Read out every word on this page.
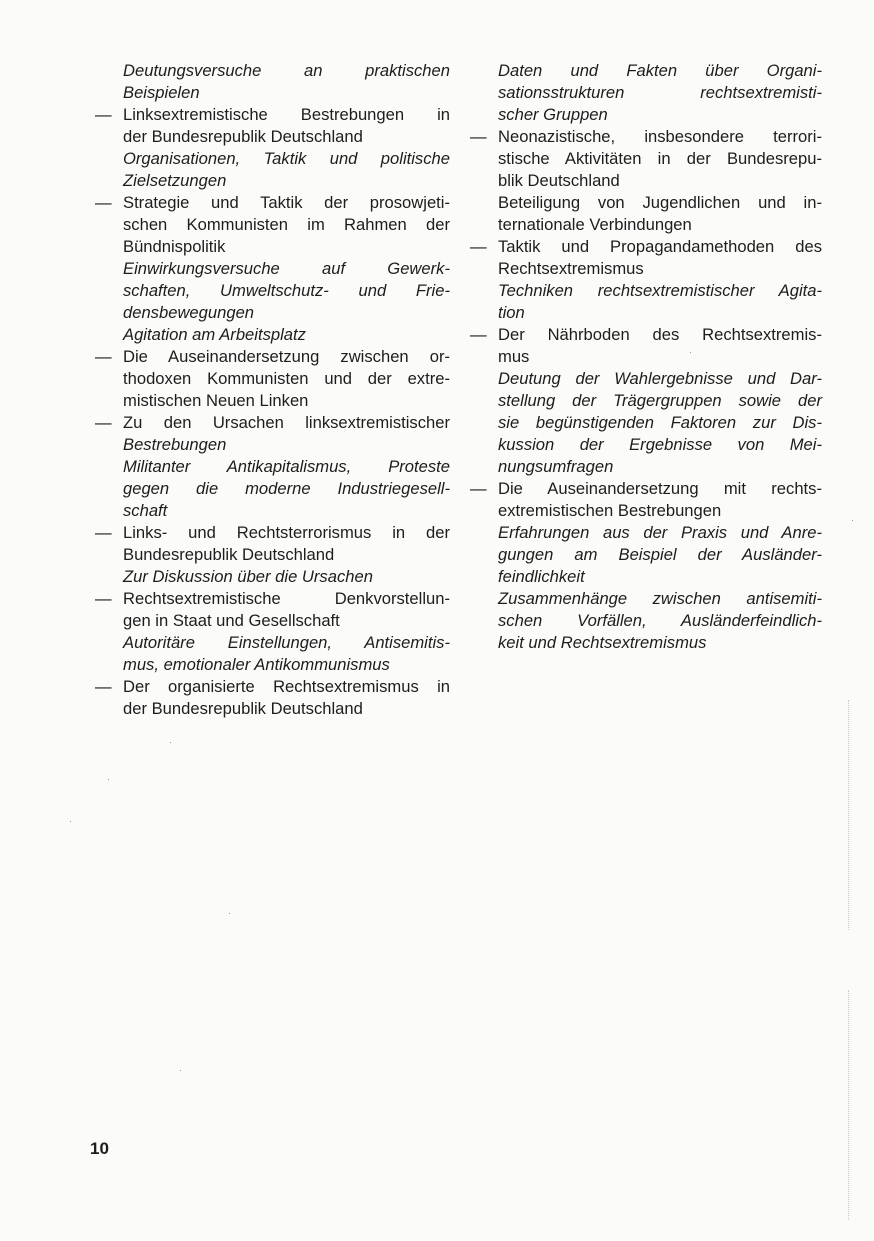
Deutungsversuche an praktischen
Beispielen
— Linksextremistische Bestrebungen in
der Bundesrepublik Deutschland
Organisationen, Taktik und politische
Zielsetzungen
— Strategie und Taktik der prosowjeti-
schen Kommunisten im Rahmen der
Bündnispolitik
Einwirkungsversuche auf Gewerk-
schaften, Umweltschutz- und Frie-
densbewegungen
Agitation am Arbeitsplatz
— Die Auseinandersetzung zwischen or-
thodoxen Kommunisten und der extre-
mistischen Neuen Linken
— Zu den Ursachen linksextremistischer
Bestrebungen
Militanter Antikapitalismus, Proteste
gegen die moderne Industriegesell-
schaft
— Links- und Rechtsterrorismus in der
Bundesrepublik Deutschland
Zur Diskussion über die Ursachen
— Rechtsextremistische Denkvorstellun-
gen in Staat und Gesellschaft
Autoritäre Einstellungen, Antisemitis-
mus, emotionaler Antikommunismus
— Der organisierte Rechtsextremismus in
der Bundesrepublik Deutschland
Daten und Fakten über Organi-
sationsstrukturen rechtsextremisti-
scher Gruppen
— Neonazistische, insbesondere terrori-
stische Aktivitäten in der Bundesrepu-
blik Deutschland
Beteiligung von Jugendlichen und in-
ternationale Verbindungen
— Taktik und Propagandamethoden des
Rechtsextremismus
Techniken rechtsextremistischer Agita-
tion
— Der Nährboden des Rechtsextremis-
mus
Deutung der Wahlergebnisse und Dar-
stellung der Trägergruppen sowie der
sie begünstigenden Faktoren zur Dis-
kussion der Ergebnisse von Mei-
nungsumfragen
— Die Auseinandersetzung mit rechts-
extremistischen Bestrebungen
Erfahrungen aus der Praxis und Anre-
gungen am Beispiel der Ausländer-
feindlichkeit
Zusammenhänge zwischen antisemiti-
schen Vorfällen, Ausländerfeindlich-
keit und Rechtsextremismus
10
